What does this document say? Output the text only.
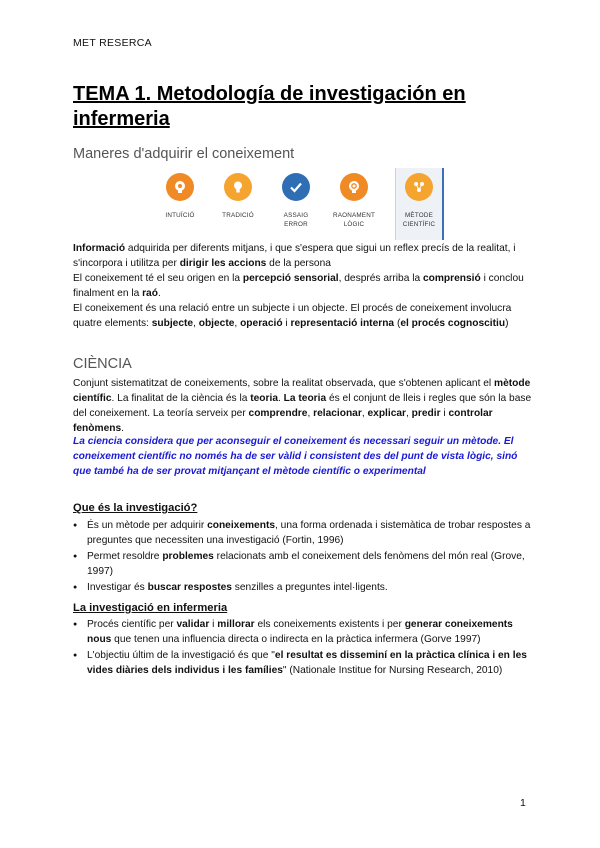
MET RESERCA
TEMA 1. Metodología de investigación en infermeria
Maneres d'adquirir el coneixement
INTUÏCIÓ	TRADICIÓ	ASSAIG
ERROR
RAONAMENT
LÒGIC
MÈTODE
CIENTÍFIC

Informació adquirida per diferents mitjans, i que s'espera que sigui un reflex precís de la realitat, i s'incorpora i utilitza per dirigir les accions de la persona

El coneixement té el seu origen en la percepció sensorial, després arriba la comprensió i conclou finalment en la raó.

El coneixement és una relació entre un subjecte i un objecte. El procés de coneixement involucra quatre elements: subjecte, objecte, operació i representació interna (el procés cognoscitiu)

CIÈNCIA

Conjunt sistematitzat de coneixements, sobre la realitat observada, que s'obtenen aplicant el mètode científic. La finalitat de la ciència és la teoria. La teoria és el conjunt de lleis i regles que són la base del coneixement. La teoría serveix per comprendre, relacionar, explicar, predir i controlar fenòmens.

La ciencia considera que per aconseguir el coneixement és necessari seguir un mètode. El coneixement científic no només ha de ser vàlid i consistent des del punt de vista lògic, sinó que també ha de ser provat mitjançant el mètode científic o experimental

Que és la investigació?
● És un mètode per adquirir coneixements, una forma ordenada i sistemàtica de trobar respostes a preguntes que necessiten una investigació (Fortin, 1996)
● Permet resoldre problemes relacionats amb el coneixement dels fenòmens del món real (Grove, 1997)
● Investigar és buscar respostes senzilles a preguntes intel·ligents.
La investigació en infermeria
● Procés científic per validar i millorar els coneixements existents i per generar coneixements nous que tenen una influencia directa o indirecta en la pràctica infermera (Gorve 1997)
● L'objectiu últim de la investigació és que "el resultat es disseminí en la pràctica clínica i en les vides diàries dels individus i les famílies" (Nationale Institue for Nursing Research, 2010)
1
